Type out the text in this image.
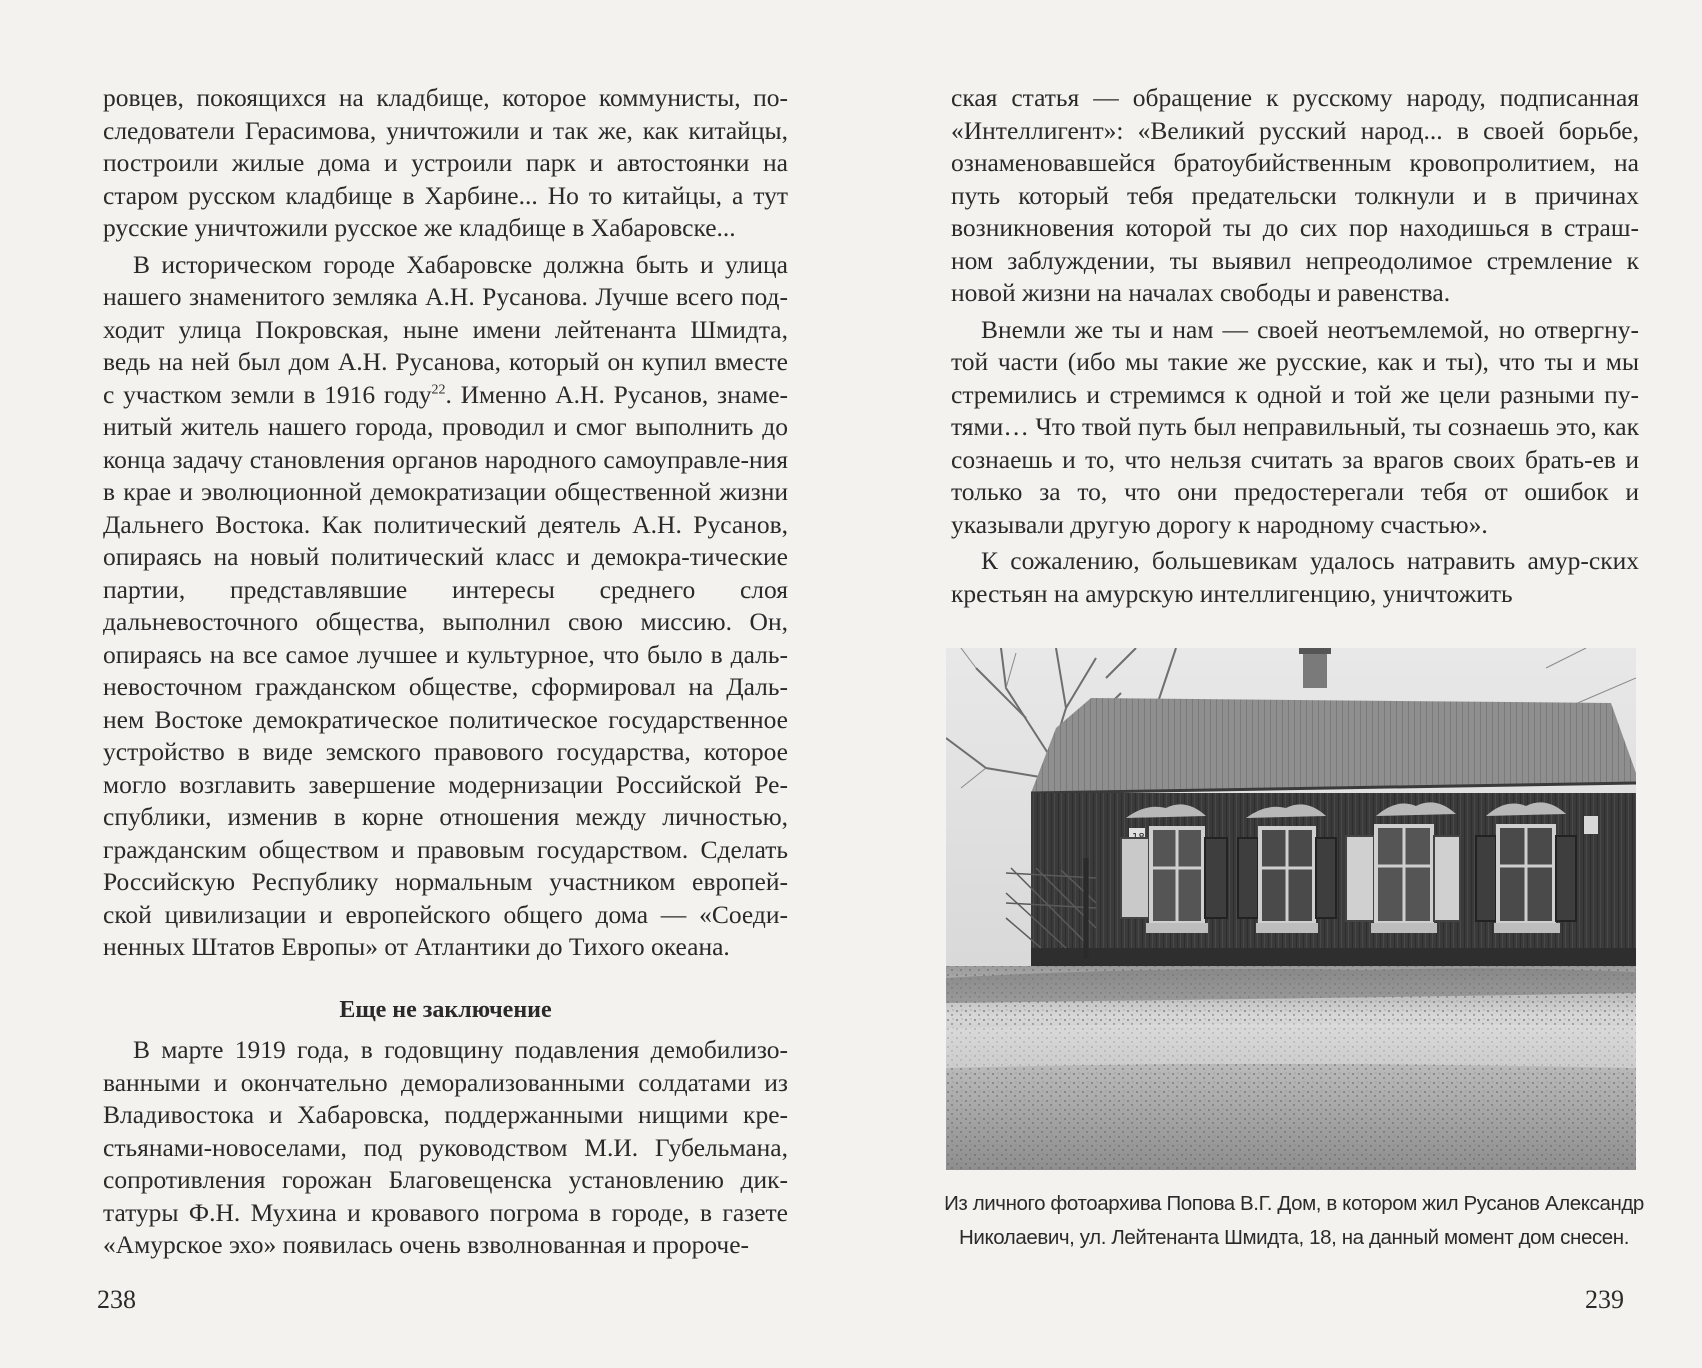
ровцев, покоящихся на кладбище, которое коммунисты, по-следователи Герасимова, уничтожили и так же, как китайцы, построили жилые дома и устроили парк и автостоянки на старом русском кладбище в Харбине... Но то китайцы, а тут русские уничтожили русское же кладбище в Хабаровске...

В историческом городе Хабаровске должна быть и улица нашего знаменитого земляка А.Н. Русанова. Лучше всего под-ходит улица Покровская, ныне имени лейтенанта Шмидта, ведь на ней был дом А.Н. Русанова, который он купил вместе с участком земли в 1916 году$^{22}$. Именно А.Н. Русанов, знаме-нитый житель нашего города, проводил и смог выполнить до конца задачу становления органов народного самоуправле-ния в крае и эволюционной демократизации общественной жизни Дальнего Востока. Как политический деятель А.Н. Русанов, опираясь на новый политический класс и демокра-тические партии, представлявшие интересы среднего слоя дальневосточного общества, выполнил свою миссию. Он, опираясь на все самое лучшее и культурное, что было в даль-невосточном гражданском обществе, сформировал на Даль-нем Востоке демократическое политическое государственное устройство в виде земского правового государства, которое могло возглавить завершение модернизации Российской Ре-спублики, изменив в корне отношения между личностью, гражданским обществом и правовым государством. Сделать Российскую Республику нормальным участником европей-ской цивилизации и европейского общего дома — «Соеди-ненных Штатов Европы» от Атлантики до Тихого океана.

Еще не заключение

В марте 1919 года, в годовщину подавления демобилизо-ванными и окончательно деморализованными солдатами из Владивостока и Хабаровска, поддержанными нищими кре-стьянами-новоселами, под руководством М.И. Губельмана, сопротивления горожан Благовещенска установлению дик-татуры Ф.Н. Мухина и кровавого погрома в городе, в газете «Амурское эхо» появилась очень взволнованная и пророче-

238

ская статья — обращение к русскому народу, подписанная «Интеллигент»: «Великий русский народ... в своей борьбе, ознаменовавшейся братоубийственным кровопролитием, на путь который тебя предательски толкнули и в причинах возникновения которой ты до сих пор находишься в страш-ном заблуждении, ты выявил непреодолимое стремление к новой жизни на началах свободы и равенства.

Внемли же ты и нам — своей неотъемлемой, но отвергну-той части (ибо мы такие же русские, как и ты), что ты и мы стремились и стремимся к одной и той же цели разными пу-тями… Что твой путь был неправильный, ты сознаешь это, как сознаешь и то, что нельзя считать за врагов своих брать-ев и только за то, что они предостерегали тебя от ошибок и указывали другую дорогу к народному счастью».

К сожалению, большевикам удалось натравить амур-ских крестьян на амурскую интеллигенцию, уничтожить

Из личного фотоархива Попова В.Г. Дом, в котором жил Русанов Александр
Николаевич, ул. Лейтенанта Шмидта, 18, на данный момент дом снесен.
239
